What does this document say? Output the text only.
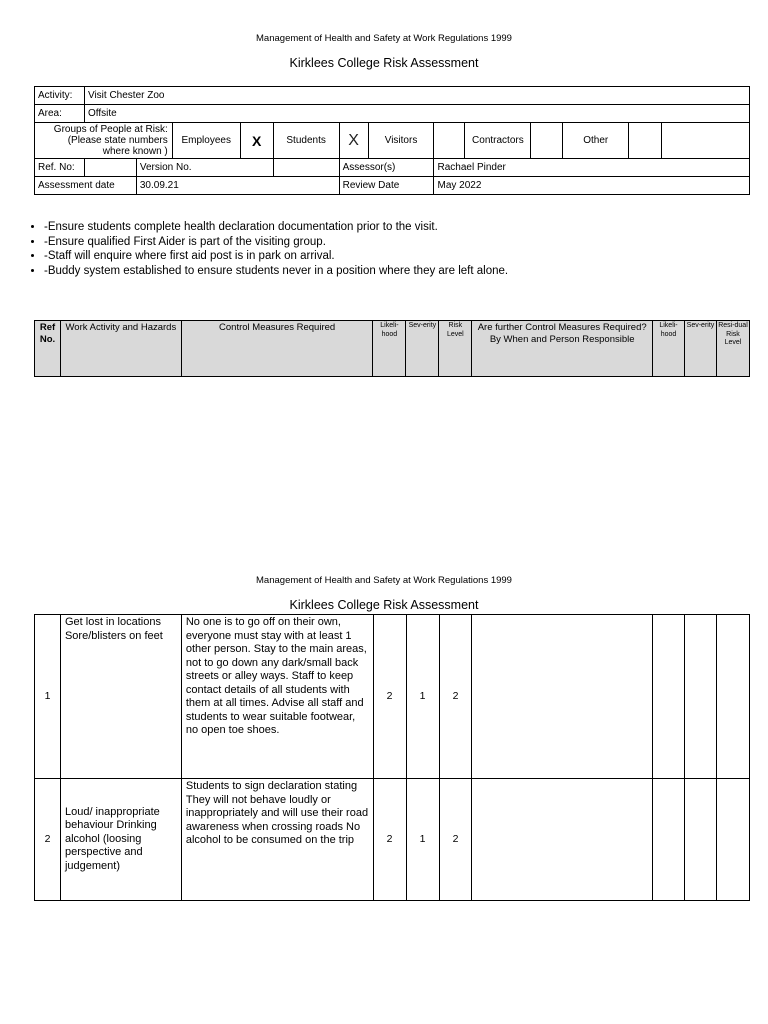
Management of Health and Safety at Work Regulations 1999
Kirklees College Risk Assessment
Activity:	Visit Chester Zoo												
Area:	Offsite												
Groups of People at Risk: (Please state numbers where known )			Employees	X	Students	X	Visitors		Contractors		Other		
Ref. No:		Version No.				Assessor(s)		Rachael Pinder					
Assessment date		30.09.21				Review Date		May 2022					
• -Ensure students complete health declaration documentation prior to the visit.
• -Ensure qualified First Aider is part of the visiting group.
• -Staff will enquire where first aid post is in park on arrival.
• -Buddy system established to ensure students never in a position where they are left alone.
Ref No.	Work Activity and Hazards	Control Measures Required	Likeli-hood	Sev-erity	Risk Level	Are further Control Measures Required? By When and Person Responsible	Likeli-hood	Sev-erity	Resi-dual Risk Level
Management of Health and Safety at Work Regulations 1999
Kirklees College Risk Assessment
1	Get lost in locations Sore/blisters on feet	No one is to go off on their own, everyone must stay with at least 1 other person. Stay to the main areas, not to go down any dark/small back streets or alley ways. Staff to keep contact details of all students with them at all times. Advise all staff and students to wear suitable footwear, no open toe shoes.	2	1	2				
2	Loud/ inappropriate behaviour Drinking alcohol (loosing perspective and judgement)	Students to sign declaration stating They will not behave loudly or inappropriately and will use their road awareness when crossing roads No alcohol to be consumed on the trip	2	1	2				
